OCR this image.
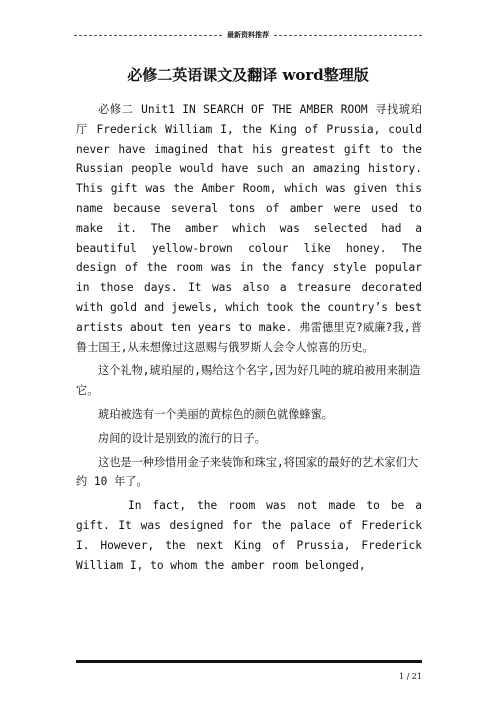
最新资料推荐
必修二英语课文及翻译 word整理版

必修二 Unit1 IN SEARCH OF THE AMBER ROOM 寻找琥珀厅 Frederick William I, the King of Prussia, could never have imagined that his greatest gift to the Russian people would have such an amazing history. This gift was the Amber Room, which was given this name because several tons of amber were used to make it. The amber which was selected had a beautiful yellow-brown colour like honey. The design of the room was in the fancy style popular in those days. It was also a treasure decorated with gold and jewels, which took the country’s best artists about ten years to make. 弗雷德里克?威廉?我,普鲁士国王,从未想像过这恩赐与俄罗斯人会令人惊喜的历史。

这个礼物,琥珀屋的,赐给这个名字,因为好几吨的琥珀被用来制造它。

琥珀被选有一个美丽的黄棕色的颜色就像蜂蜜。

房间的设计是别致的流行的日子。

这也是一种珍惜用金子来装饰和珠宝,将国家的最好的艺术家们大约 10 年了。

In fact, the room was not made to be a gift. It was designed for the palace of Frederick I. However, the next King of Prussia, Frederick William I, to whom the amber room belonged,

1 / 21
